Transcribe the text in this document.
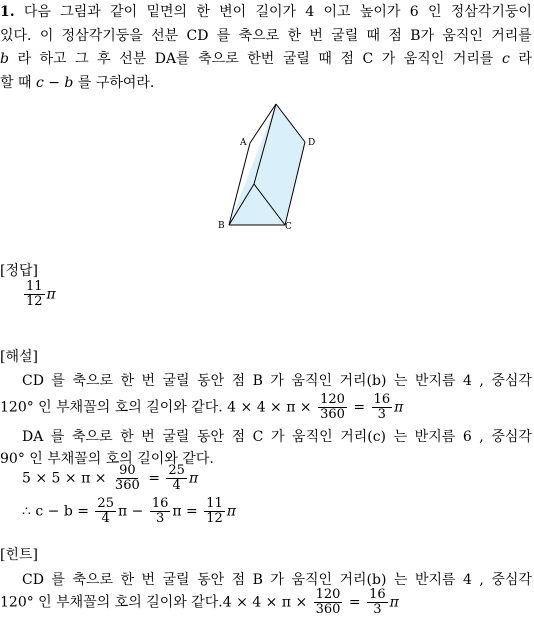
1. 다음 그림과 같이 밑면의 한 변이 길이가 4 이고 높이가 6 인 정삼각기둥이
있다. 이 정삼각기둥을 선분 CD 를 축으로 한 번 굴릴 때 점 B가 움직인 거리를
b 라 하고 그 후 선분 DA를 축으로 한번 굴릴 때 점 C 가 움직인 거리를 c 라
할 때 c − b 를 구하여라.
A	D
B	C
[정답]
$\frac{11}{12}$ π
[해설]
CD 를 축으로 한 번 굴릴 동안 점 B 가 움직인 거리(b) 는 반지름 4 , 중심각
120° 인 부채꼴의 호의 길이와 같다. $4 \times 4 \times \pi \times \frac{120}{360} = \frac{16}{3}$ π
DA 를 축으로 한 번 굴릴 동안 점 C 가 움직인 거리(c) 는 반지름 6 , 중심각
90° 인 부채꼴의 호의 길이와 같다.
$5 \times 5 \times \pi \times \frac{90}{360} = \frac{25}{4}$ π
∴ $c - b = \frac{25}{4}$ $\pi - \frac{16}{3}$ $\pi = \frac{11}{12}$ π
[힌트]
CD 를 축으로 한 번 굴릴 동안 점 B 가 움직인 거리(b) 는 반지름 4 , 중심각
120° 인 부채꼴의 호의 길이와 같다$.4 \times 4 \times \pi \times \frac{120}{360} = \frac{16}{3}$ π
